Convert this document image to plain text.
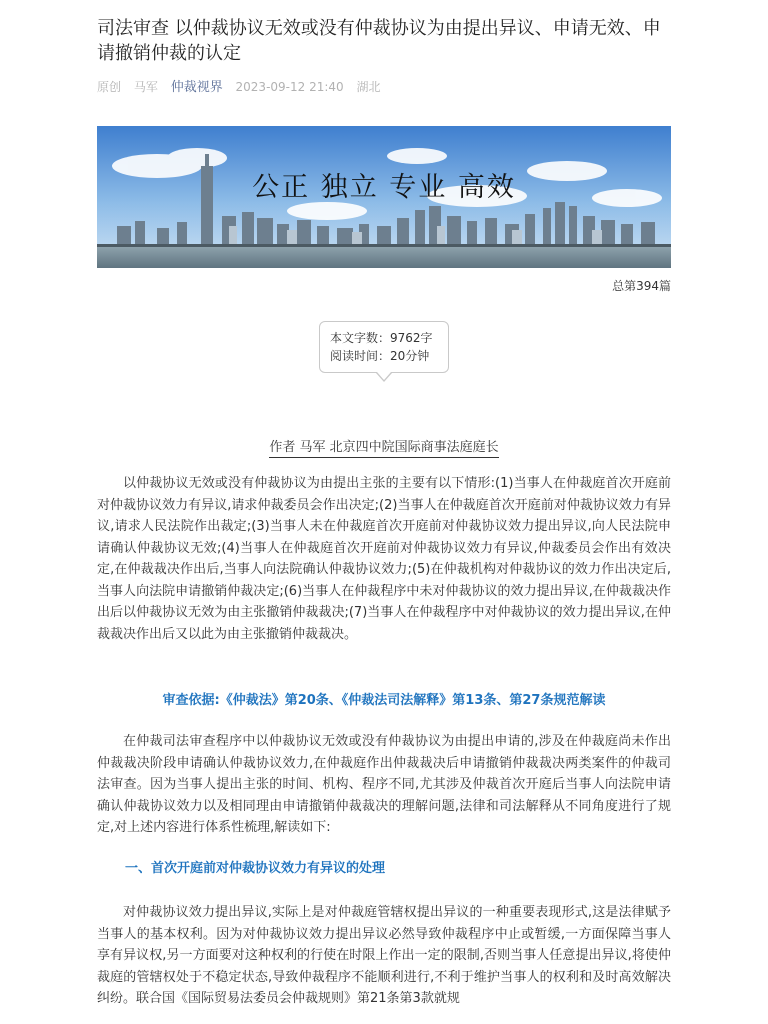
司法审查 以仲裁协议无效或没有仲裁协议为由提出异议、申请无效、申请撤销仲裁的认定
原创 马军 仲裁视界 2023-09-12 21:40 湖北
公正 独立 专业 高效
总第394篇
本文字数：9762字
阅读时间：20分钟
作者 马军 北京四中院国际商事法庭庭长

以仲裁协议无效或没有仲裁协议为由提出主张的主要有以下情形:(1)当事人在仲裁庭首次开庭前对仲裁协议效力有异议,请求仲裁委员会作出决定;(2)当事人在仲裁庭首次开庭前对仲裁协议效力有异议,请求人民法院作出裁定;(3)当事人未在仲裁庭首次开庭前对仲裁协议效力提出异议,向人民法院申请确认仲裁协议无效;(4)当事人在仲裁庭首次开庭前对仲裁协议效力有异议,仲裁委员会作出有效决定,在仲裁裁决作出后,当事人向法院确认仲裁协议效力;(5)在仲裁机构对仲裁协议的效力作出决定后,当事人向法院申请撤销仲裁决定;(6)当事人在仲裁程序中未对仲裁协议的效力提出异议,在仲裁裁决作出后以仲裁协议无效为由主张撤销仲裁裁决;(7)当事人在仲裁程序中对仲裁协议的效力提出异议,在仲裁裁决作出后又以此为由主张撤销仲裁裁决。

审查依据:《仲裁法》第20条、《仲裁法司法解释》第13条、第27条规范解读

在仲裁司法审查程序中以仲裁协议无效或没有仲裁协议为由提出申请的,涉及在仲裁庭尚未作出仲裁裁决阶段申请确认仲裁协议效力,在仲裁庭作出仲裁裁决后申请撤销仲裁裁决两类案件的仲裁司法审查。因为当事人提出主张的时间、机构、程序不同,尤其涉及仲裁首次开庭后当事人向法院申请确认仲裁协议效力以及相同理由申请撤销仲裁裁决的理解问题,法律和司法解释从不同角度进行了规定,对上述内容进行体系性梳理,解读如下:

一、首次开庭前对仲裁协议效力有异议的处理

对仲裁协议效力提出异议,实际上是对仲裁庭管辖权提出异议的一种重要表现形式,这是法律赋予当事人的基本权利。因为对仲裁协议效力提出异议必然导致仲裁程序中止或暂缓,一方面保障当事人享有异议权,另一方面要对这种权利的行使在时限上作出一定的限制,否则当事人任意提出异议,将使仲裁庭的管辖权处于不稳定状态,导致仲裁程序不能顺利进行,不利于维护当事人的权利和及时高效解决纠纷。联合国《国际贸易法委员会仲裁规则》第21条第3款就规
